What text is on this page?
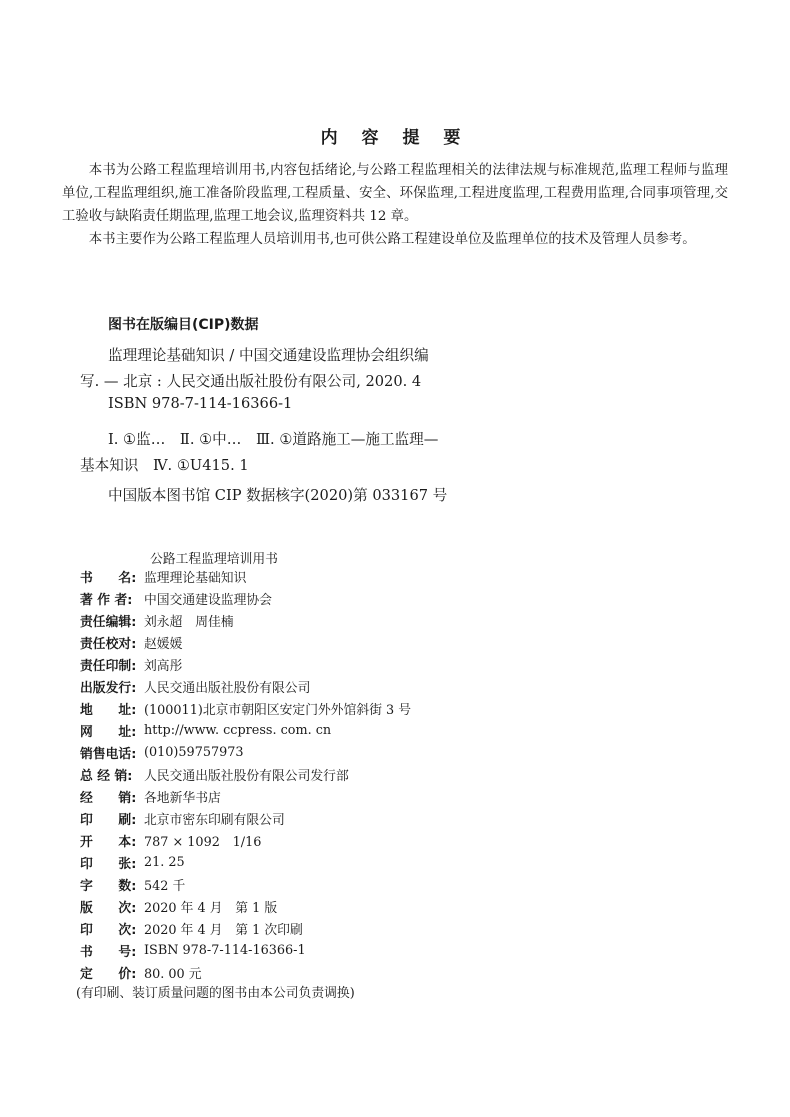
内 容 提 要

本书为公路工程监理培训用书,内容包括绪论,与公路工程监理相关的法律法规与标准规范,监理工程师与监理单位,工程监理组织,施工准备阶段监理,工程质量、安全、环保监理,工程进度监理,工程费用监理,合同事项管理,交工验收与缺陷责任期监理,监理工地会议,监理资料共 12 章。

本书主要作为公路工程监理人员培训用书,也可供公路工程建设单位及监理单位的技术及管理人员参考。

图书在版编目(CIP)数据
监理理论基础知识 / 中国交通建设监理协会组织编
写. — 北京 : 人民交通出版社股份有限公司, 2020. 4
ISBN 978-7-114-16366-1
Ⅰ. ①监…　Ⅱ. ①中…　Ⅲ. ①道路施工—施工监理—
基本知识　Ⅳ. ①U415. 1
中国版本图书馆 CIP 数据核字(2020)第 033167 号
公路工程监理培训用书
书　　名: 监理理论基础知识
著 作 者: 中国交通建设监理协会
责任编辑: 刘永超　周佳楠
责任校对: 赵媛媛
责任印制: 刘高彤
出版发行: 人民交通出版社股份有限公司
地　　址: (100011)北京市朝阳区安定门外外馆斜街 3 号
网　　址: http://www. ccpress. com. cn
销售电话: (010)59757973
总 经 销: 人民交通出版社股份有限公司发行部
经　　销: 各地新华书店
印　　刷: 北京市密东印刷有限公司
开　　本: 787 × 1092　1/16
印　　张: 21. 25
字　　数: 542 千
版　　次: 2020 年 4 月　第 1 版
印　　次: 2020 年 4 月　第 1 次印刷
书　　号: ISBN 978-7-114-16366-1
定　　价: 80. 00 元
(有印刷、装订质量问题的图书由本公司负责调换)
